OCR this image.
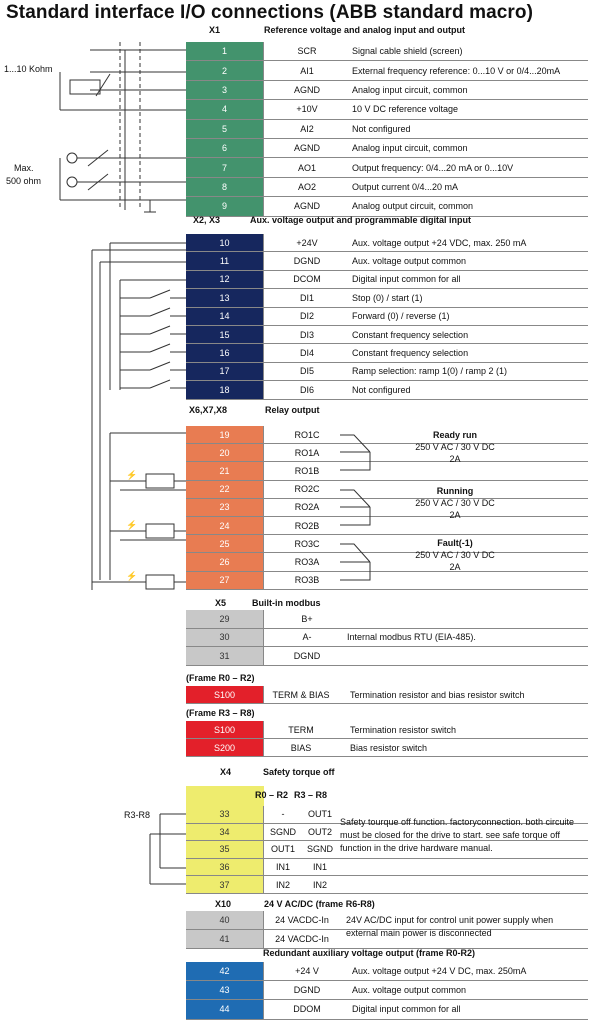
Standard interface I/O connections (ABB standard macro)
⚡
⚡
⚡
1...10 Kohm
Max.
500 ohm
R3-R8
X1	Reference voltage and analog input and output
1	SCR	Signal cable shield (screen)
2	AI1	External frequency reference: 0...10 V or 0/4...20mA
3	AGND	Analog input circuit, common
4	+10V	10 V DC reference voltage
5	AI2	Not configured
6	AGND	Analog input circuit, common
7	AO1	Output frequency: 0/4...20 mA or 0...10V
8	AO2	Output current 0/4...20 mA
9	AGND	Analog output circuit, common
X2, X3	Aux. voltage output and programmable digital input
10	+24V	Aux. voltage output +24 VDC, max. 250 mA
11	DGND	Aux. voltage output common
12	DCOM	Digital input common for all
13	DI1	Stop (0) / start (1)
14	DI2	Forward (0) / reverse (1)
15	DI3	Constant frequency selection
16	DI4	Constant frequency selection
17	DI5	Ramp selection: ramp 1(0) / ramp 2 (1)
18	DI6	Not configured
X6,X7,X8	Relay output
19	RO1C
20	RO1A
21	RO1B
22	RO2C
23	RO2A
24	RO2B
25	RO3C
26	RO3A
27	RO3B
Ready run
250 V AC / 30 V DC
2A
Running
250 V AC / 30 V DC
2A
Fault(-1)
250 V AC / 30 V DC
2A
X5	Built-in modbus
29	B+
30	A-
31	DGND
Internal modbus RTU (EIA-485).
(Frame R0 – R2)
S100	TERM & BIAS	Termination resistor and bias resistor switch
(Frame R3 – R8)
S100	TERM	Termination resistor switch
S200	BIAS	Bias resistor switch
X4	Safety torque off
R0 – R2 R3 – R8
33	-	OUT1
34	SGND	OUT2
35	OUT1	SGND
36	IN1	IN1
37	IN2	IN2
Safety tourque off function. factoryconnection. both circuite must be closed for the drive to start. see safe torque off function in the drive hardware manual.
X10	24 V AC/DC (frame R6-R8)
40	24 VACDC-In
41	24 VACDC-In
24V AC/DC input for control unit power supply when external main power is disconnected
Redundant auxiliary voltage output (frame R0-R2)
42	+24 V	Aux. voltage output +24 V DC, max. 250mA
43	DGND	Aux. voltage output common
44	DDOM	Digital input common for all
